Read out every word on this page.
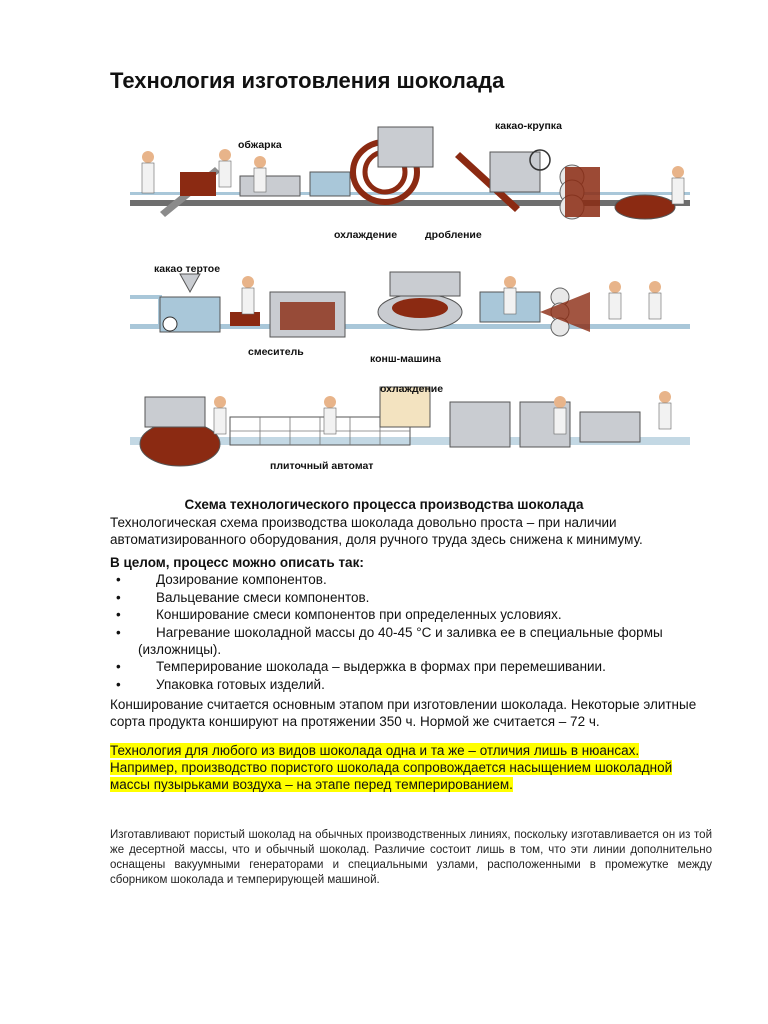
Технология изготовления шоколада
обжарка
какао-крупка
охлаждение	дробление
какао тертое
смеситель
конш-машина
охлаждение
плиточный автомат
Схема технологического процесса производства шоколада
Технологическая схема производства шоколада довольно проста – при наличии автоматизированного оборудования, доля ручного труда здесь снижена к минимуму.
В целом, процесс можно описать так:
•	Дозирование компонентов.
•	Вальцевание смеси компонентов.
•	Конширование смеси компонентов при определенных условиях.
•	Нагревание шоколадной массы до 40-45 °С и заливка ее в специальные формы
(изложницы).
•	Темперирование шоколада – выдержка в формах при перемешивании.
•	Упаковка готовых изделий.
Конширование считается основным этапом при изготовлении шоколада. Некоторые элитные сорта продукта коншируют на протяжении 350 ч. Нормой же считается – 72 ч.
Технология для любого из видов шоколада одна и та же – отличия лишь в нюансах. Например, производство пористого шоколада сопровождается насыщением шоколадной массы пузырьками воздуха – на этапе перед темперированием.
Изготавливают пористый шоколад на обычных производственных линиях, поскольку изготавливается он из той же десертной массы, что и обычный шоколад. Различие состоит лишь в том, что эти линии дополнительно оснащены вакуумными генераторами и специальными узлами, расположенными в промежутке между сборником шоколада и темперирующей машиной.
